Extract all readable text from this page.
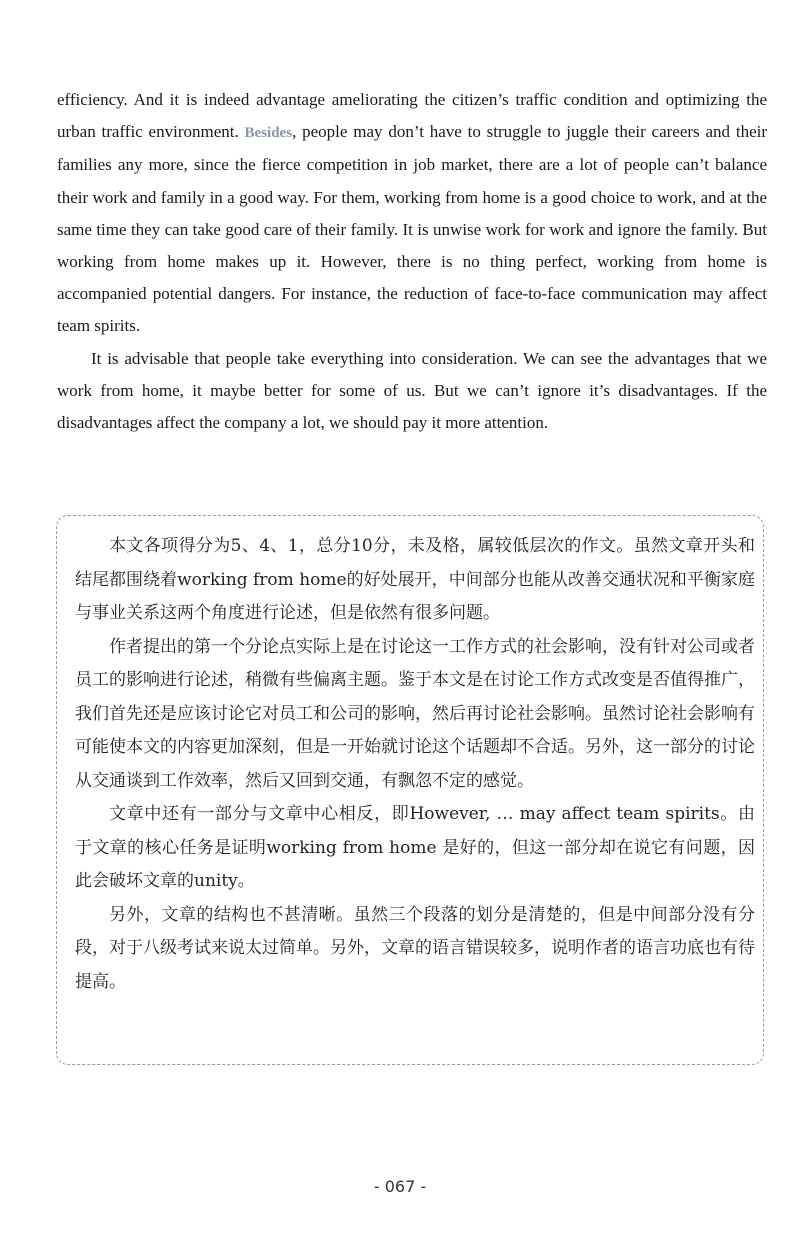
efficiency. And it is indeed advantage ameliorating the citizen’s traffic condition and optimizing the urban traffic environment. Besides, people may don’t have to struggle to juggle their careers and their families any more, since the fierce competition in job market, there are a lot of people can’t balance their work and family in a good way. For them, working from home is a good choice to work, and at the same time they can take good care of their family. It is unwise work for work and ignore the family. But working from home makes up it. However, there is no thing perfect, working from home is accompanied potential dangers. For instance, the reduction of face-to-face communication may affect team spirits.

It is advisable that people take everything into consideration. We can see the advantages that we work from home, it maybe better for some of us. But we can’t ignore it’s disadvantages. If the disadvantages affect the company a lot, we should pay it more attention.

本文各项得分为5、4、1，总分10分，未及格，属较低层次的作文。虽然文章开头和结尾都围绕着working from home的好处展开，中间部分也能从改善交通状况和平衡家庭与事业关系这两个角度进行论述，但是依然有很多问题。

作者提出的第一个分论点实际上是在讨论这一工作方式的社会影响，没有针对公司或者员工的影响进行论述，稍微有些偏离主题。鉴于本文是在讨论工作方式改变是否值得推广，我们首先还是应该讨论它对员工和公司的影响，然后再讨论社会影响。虽然讨论社会影响有可能使本文的内容更加深刻，但是一开始就讨论这个话题却不合适。另外，这一部分的讨论从交通谈到工作效率，然后又回到交通，有飘忽不定的感觉。

文章中还有一部分与文章中心相反，即However, … may affect team spirits。由于文章的核心任务是证明working from home 是好的，但这一部分却在说它有问题，因此会破坏文章的unity。

另外，文章的结构也不甚清晰。虽然三个段落的划分是清楚的，但是中间部分没有分段，对于八级考试来说太过简单。另外，文章的语言错误较多，说明作者的语言功底也有待提高。

- 067 -
